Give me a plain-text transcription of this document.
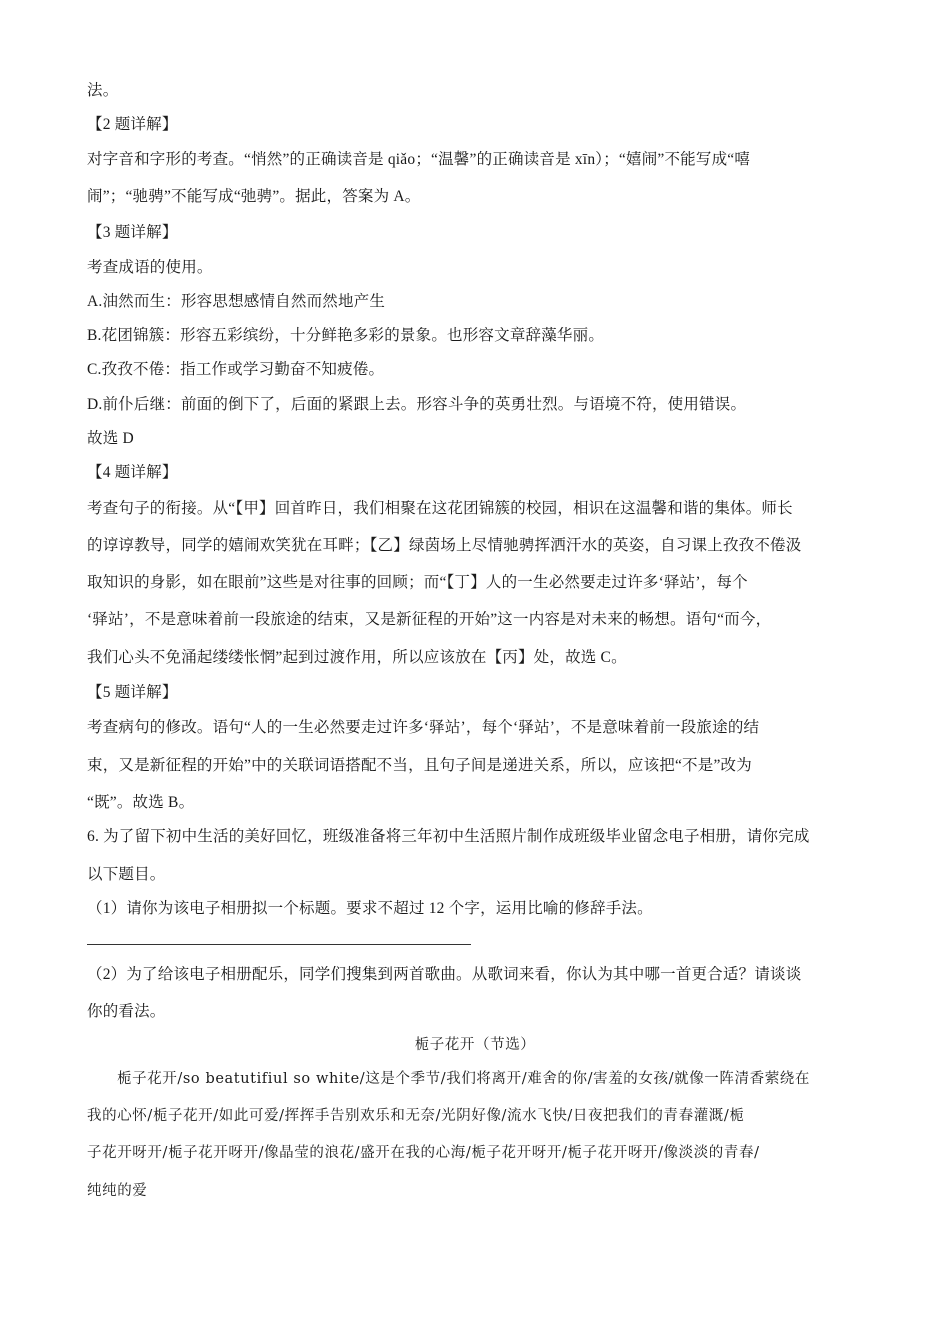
法。
【2 题详解】
对字音和字形的考查。“悄然”的正确读音是 qiǎo；“温馨”的正确读音是 xīn）；“嬉闹”不能写成“嘻
闹”；“驰骋”不能写成“弛骋”。据此，答案为 A。
【3 题详解】
考查成语的使用。
A.油然而生：形容思想感情自然而然地产生
B.花团锦簇：形容五彩缤纷，十分鲜艳多彩的景象。也形容文章辞藻华丽。
C.孜孜不倦：指工作或学习勤奋不知疲倦。
D.前仆后继：前面的倒下了，后面的紧跟上去。形容斗争的英勇壮烈。与语境不符，使用错误。
故选 D
【4 题详解】
考查句子的衔接。从“【甲】回首昨日，我们相聚在这花团锦簇的校园，相识在这温馨和谐的集体。师长
的谆谆教导，同学的嬉闹欢笑犹在耳畔；【乙】绿茵场上尽情驰骋挥洒汗水的英姿，自习课上孜孜不倦汲
取知识的身影，如在眼前”这些是对往事的回顾；而“【丁】人的一生必然要走过许多‘驿站’，每个
‘驿站’，不是意味着前一段旅途的结束，又是新征程的开始”这一内容是对未来的畅想。语句“而今，
我们心头不免涌起缕缕怅惘”起到过渡作用，所以应该放在【丙】处，故选 C。
【5 题详解】
考查病句的修改。语句“人的一生必然要走过许多‘驿站’，每个‘驿站’，不是意味着前一段旅途的结
束，又是新征程的开始”中的关联词语搭配不当，且句子间是递进关系，所以，应该把“不是”改为
“既”。故选 B。
6. 为了留下初中生活的美好回忆，班级准备将三年初中生活照片制作成班级毕业留念电子相册，请你完成
以下题目。
（1）请你为该电子相册拟一个标题。要求不超过 12 个字，运用比喻的修辞手法。
（2）为了给该电子相册配乐，同学们搜集到两首歌曲。从歌词来看，你认为其中哪一首更合适？请谈谈
你的看法。
栀子花开（节选）
栀子花开/so beatutifiul so white/这是个季节/我们将离开/难舍的你/害羞的女孩/就像一阵清香萦绕在
我的心怀/栀子花开/如此可爱/挥挥手告别欢乐和无奈/光阴好像/流水飞快/日夜把我们的青春灌溉/栀
子花开呀开/栀子花开呀开/像晶莹的浪花/盛开在我的心海/栀子花开呀开/栀子花开呀开/像淡淡的青春/
纯纯的爱
